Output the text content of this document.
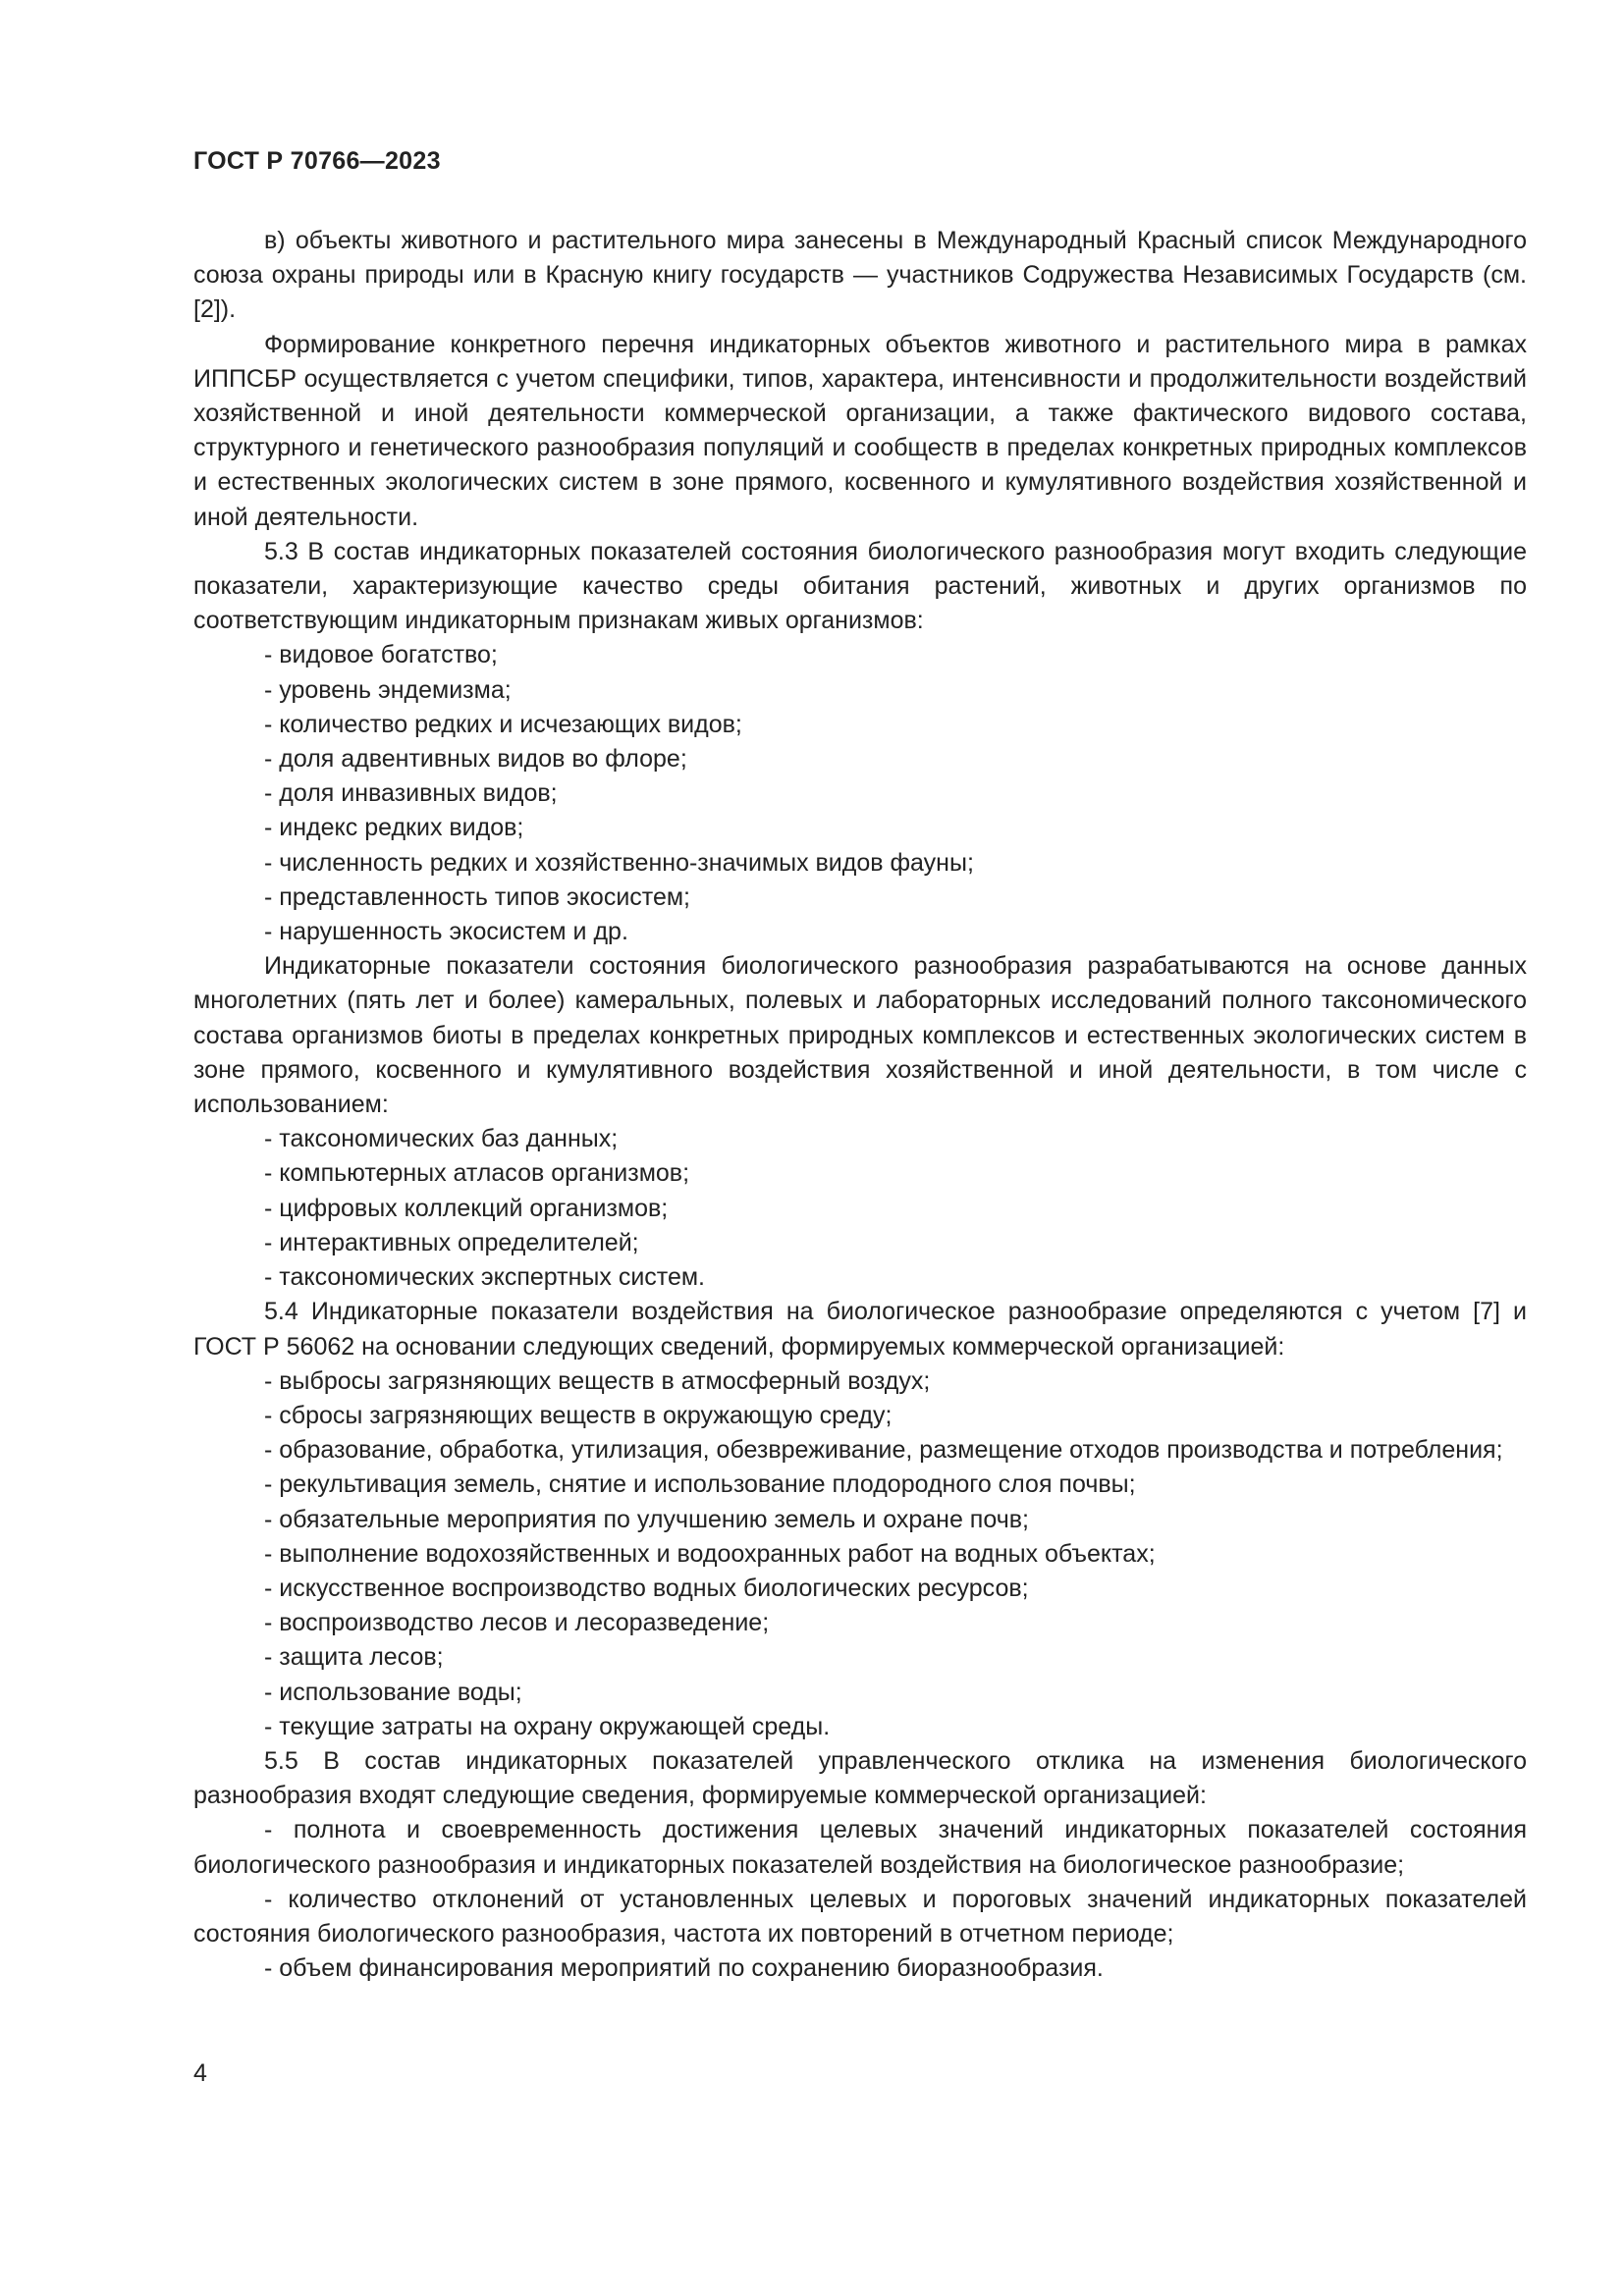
ГОСТ Р 70766—2023

в) объекты животного и растительного мира занесены в Международный Красный список Международного союза охраны природы или в Красную книгу государств — участников Содружества Независимых Государств (см. [2]).

Формирование конкретного перечня индикаторных объектов животного и растительного мира в рамках ИППСБР осуществляется с учетом специфики, типов, характера, интенсивности и продолжительности воздействий хозяйственной и иной деятельности коммерческой организации, а также фактического видового состава, структурного и генетического разнообразия популяций и сообществ в пределах конкретных природных комплексов и естественных экологических систем в зоне прямого, косвенного и кумулятивного воздействия хозяйственной и иной деятельности.

5.3 В состав индикаторных показателей состояния биологического разнообразия могут входить следующие показатели, характеризующие качество среды обитания растений, животных и других организмов по соответствующим индикаторным признакам живых организмов:

- видовое богатство;
- уровень эндемизма;
- количество редких и исчезающих видов;
- доля адвентивных видов во флоре;
- доля инвазивных видов;
- индекс редких видов;
- численность редких и хозяйственно-значимых видов фауны;
- представленность типов экосистем;
- нарушенность экосистем и др.

Индикаторные показатели состояния биологического разнообразия разрабатываются на основе данных многолетних (пять лет и более) камеральных, полевых и лабораторных исследований полного таксономического состава организмов биоты в пределах конкретных природных комплексов и естественных экологических систем в зоне прямого, косвенного и кумулятивного воздействия хозяйственной и иной деятельности, в том числе с использованием:

- таксономических баз данных;
- компьютерных атласов организмов;
- цифровых коллекций организмов;
- интерактивных определителей;
- таксономических экспертных систем.

5.4 Индикаторные показатели воздействия на биологическое разнообразие определяются с учетом [7] и ГОСТ Р 56062 на основании следующих сведений, формируемых коммерческой организацией:

- выбросы загрязняющих веществ в атмосферный воздух;
- сбросы загрязняющих веществ в окружающую среду;
- образование, обработка, утилизация, обезвреживание, размещение отходов производства и потребления;
- рекультивация земель, снятие и использование плодородного слоя почвы;
- обязательные мероприятия по улучшению земель и охране почв;
- выполнение водохозяйственных и водоохранных работ на водных объектах;
- искусственное воспроизводство водных биологических ресурсов;
- воспроизводство лесов и лесоразведение;
- защита лесов;
- использование воды;
- текущие затраты на охрану окружающей среды.

5.5 В состав индикаторных показателей управленческого отклика на изменения биологического разнообразия входят следующие сведения, формируемые коммерческой организацией:

- полнота и своевременность достижения целевых значений индикаторных показателей состояния биологического разнообразия и индикаторных показателей воздействия на биологическое разнообразие;
- количество отклонений от установленных целевых и пороговых значений индикаторных показателей состояния биологического разнообразия, частота их повторений в отчетном периоде;
- объем финансирования мероприятий по сохранению биоразнообразия.
4
